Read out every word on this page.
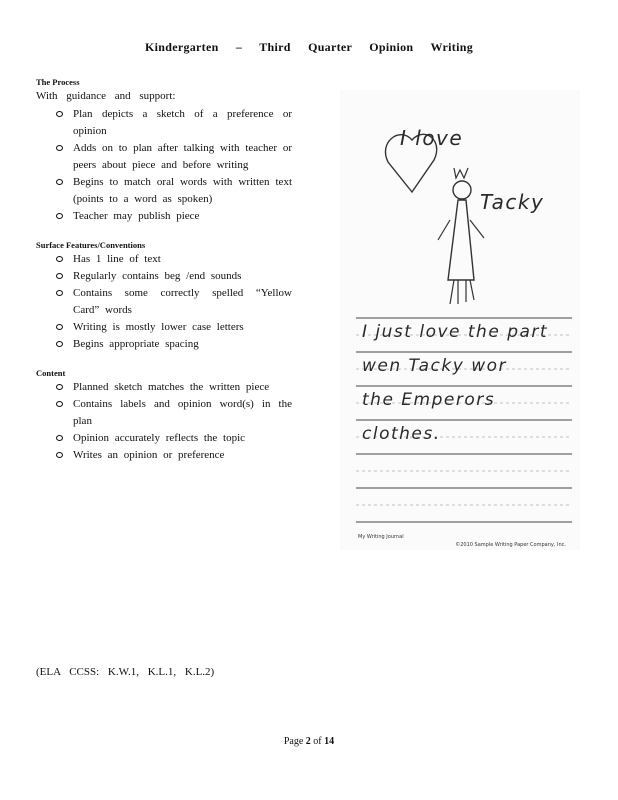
Kindergarten – Third Quarter Opinion Writing
The Process
With guidance and support:
Plan depicts a sketch of a preference or opinion
Adds on to plan after talking with teacher or peers about piece and before writing
Begins to match oral words with written text (points to a word as spoken)
Teacher may publish piece
Surface Features/Conventions
Has 1 line of text
Regularly contains beg /end sounds
Contains some correctly spelled “Yellow Card” words
Writing is mostly lower case letters
Begins appropriate spacing
Content
Planned sketch matches the written piece
Contains labels and opinion word(s) in the plan
Opinion accurately reflects the topic
Writes an opinion or preference
I love
Tacky
I just love the part
wen Tacky wor
the Emperors
clothes.
My Writing Journal
©2010 Sample Writing Paper Company, Inc.
(ELA CCSS: K.W.1, K.L.1, K.L.2)
Page 2 of 14
